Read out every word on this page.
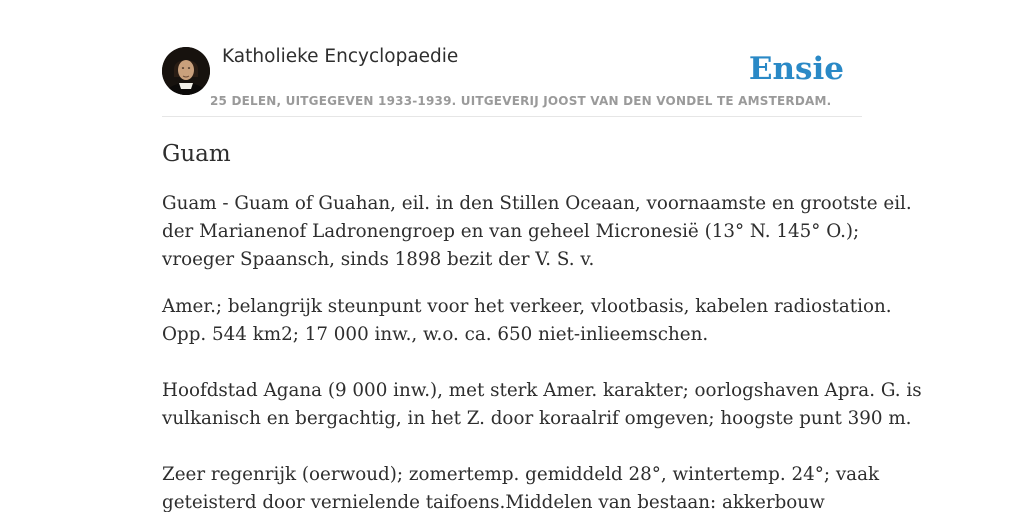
Katholieke Encyclopaedie
25 DELEN, UITGEGEVEN 1933-1939. UITGEVERIJ JOOST VAN DEN VONDEL TE AMSTERDAM.
Ensie
Guam
Guam - Guam of Guahan, eil. in den Stillen Oceaan, voornaamste en grootste eil.
der Marianenof Ladronengroep en van geheel Micronesië (13° N. 145° O.);
vroeger Spaansch, sinds 1898 bezit der V. S. v.
Amer.; belangrijk steunpunt voor het verkeer, vlootbasis, kabelen radiostation.
Opp. 544 km2; 17 000 inw., w.o. ca. 650 niet-inlieemschen.
Hoofdstad Agana (9 000 inw.), met sterk Amer. karakter; oorlogshaven Apra. G. is
vulkanisch en bergachtig, in het Z. door koraalrif omgeven; hoogste punt 390 m.
Zeer regenrijk (oerwoud); zomertemp. gemiddeld 28°, wintertemp. 24°; vaak
geteisterd door vernielende taifoens.Middelen van bestaan: akkerbouw
